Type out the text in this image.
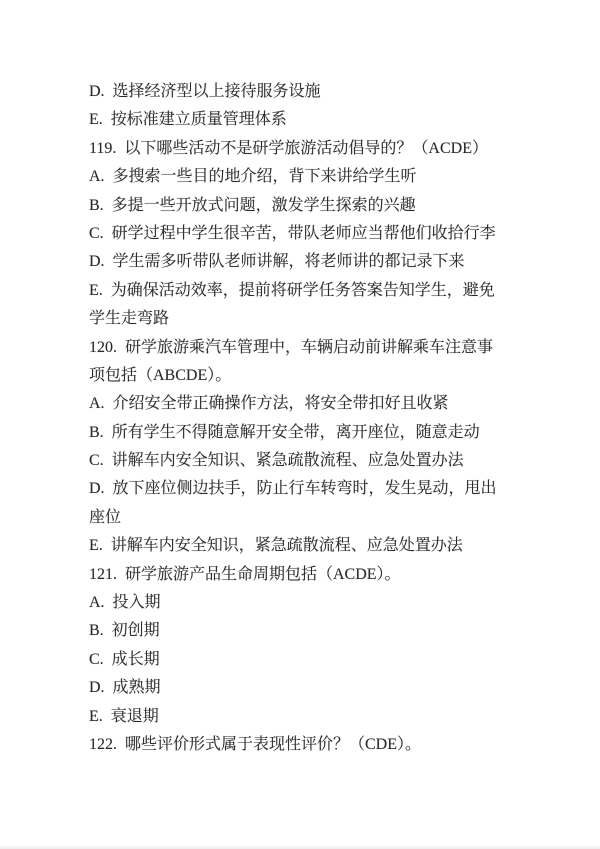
D.  选择经济型以上接待服务设施
E.  按标准建立质量管理体系
119.  以下哪些活动不是研学旅游活动倡导的？（ACDE）
A.  多搜索一些目的地介绍，背下来讲给学生听
B.  多提一些开放式问题，激发学生探索的兴趣
C.  研学过程中学生很辛苦，带队老师应当帮他们收拾行李
D.  学生需多听带队老师讲解，将老师讲的都记录下来
E.  为确保活动效率，提前将研学任务答案告知学生，避免
学生走弯路
120.  研学旅游乘汽车管理中，车辆启动前讲解乘车注意事
项包括（ABCDE）。
A.  介绍安全带正确操作方法，将安全带扣好且收紧
B.  所有学生不得随意解开安全带，离开座位，随意走动
C.  讲解车内安全知识、紧急疏散流程、应急处置办法
D.  放下座位侧边扶手，防止行车转弯时，发生晃动，甩出
座位
E.  讲解车内安全知识，紧急疏散流程、应急处置办法
121.  研学旅游产品生命周期包括（ACDE）。
A.  投入期
B.  初创期
C.  成长期
D.  成熟期
E.  衰退期
122.  哪些评价形式属于表现性评价？（CDE）。
